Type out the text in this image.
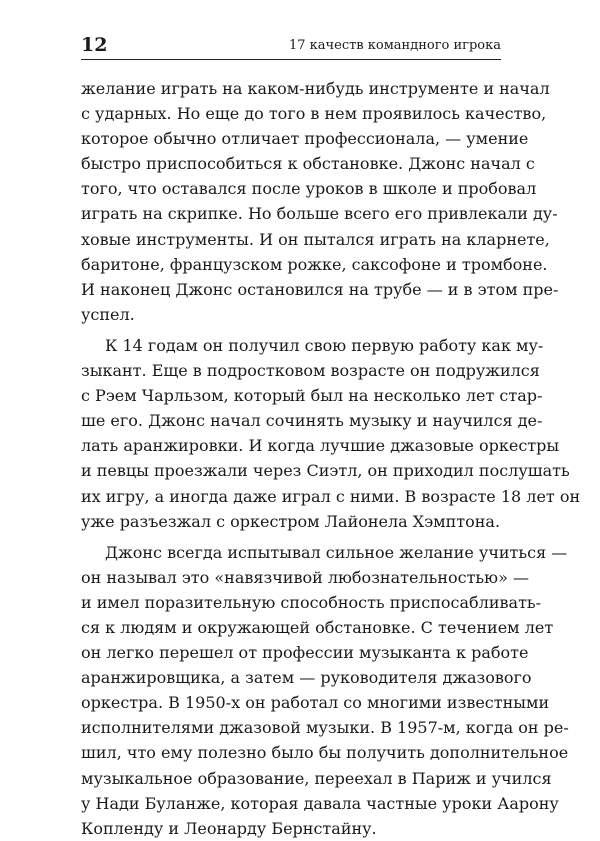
12	17 качеств командного игрока
желание играть на каком-нибудь инструменте и начал
с ударных. Но еще до того в нем проявилось качество,
которое обычно отличает профессионала, — умение
быстро приспособиться к обстановке. Джонс начал с
того, что оставался после уроков в школе и пробовал
играть на скрипке. Но больше всего его привлекали ду-
ховые инструменты. И он пытался играть на кларнете,
баритоне, французском рожке, саксофоне и тромбоне.
И наконец Джонс остановился на трубе — и в этом пре-
успел.
К 14 годам он получил свою первую работу как му-
зыкант. Еще в подростковом возрасте он подружился
с Рэем Чарльзом, который был на несколько лет стар-
ше его. Джонс начал сочинять музыку и научился де-
лать аранжировки. И когда лучшие джазовые оркестры
и певцы проезжали через Сиэтл, он приходил послушать
их игру, а иногда даже играл с ними. В возрасте 18 лет он
уже разъезжал с оркестром Лайонела Хэмптона.
Джонс всегда испытывал сильное желание учиться —
он называл это «навязчивой любознательностью» —
и имел поразительную способность приспосабливать-
ся к людям и окружающей обстановке. С течением лет
он легко перешел от профессии музыканта к работе
аранжировщика, а затем — руководителя джазового
оркестра. В 1950-х он работал со многими известными
исполнителями джазовой музыки. В 1957-м, когда он ре-
шил, что ему полезно было бы получить дополнительное
музыкальное образование, переехал в Париж и учился
у Нади Буланже, которая давала частные уроки Аарону
Копленду и Леонарду Бернстайну.
